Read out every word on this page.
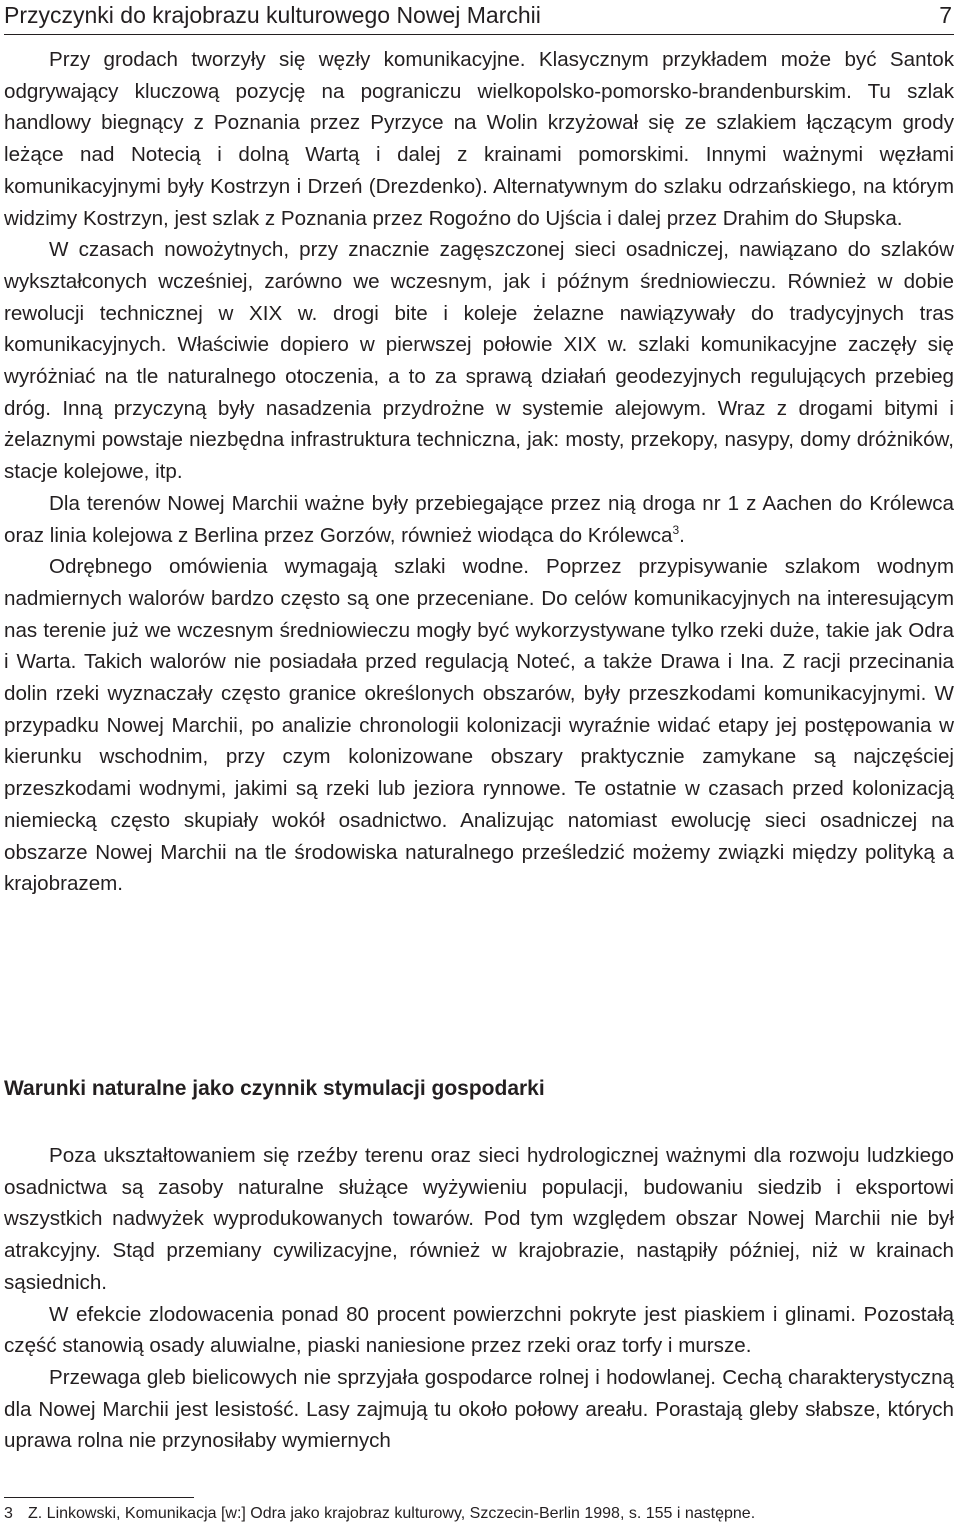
Przyczynki do krajobrazu kulturowego Nowej Marchii	7

Przy grodach tworzyły się węzły komunikacyjne. Klasycznym przykładem może być Santok odgrywający kluczową pozycję na pograniczu wielkopolsko-pomorsko-brandenburskim. Tu szlak handlowy biegnący z Poznania przez Pyrzyce na Wolin krzyżował się ze szlakiem łączącym grody leżące nad Notecią i dolną Wartą i dalej z krainami pomorskimi. Innymi ważnymi węzłami komunikacyjnymi były Kostrzyn i Drzeń (Drezdenko). Alternatywnym do szlaku odrzańskiego, na którym widzimy Kostrzyn, jest szlak z Poznania przez Rogoźno do Ujścia i dalej przez Drahim do Słupska.

W czasach nowożytnych, przy znacznie zagęszczonej sieci osadniczej, nawiązano do szlaków wykształconych wcześniej, zarówno we wczesnym, jak i późnym średniowieczu. Również w dobie rewolucji technicznej w XIX w. drogi bite i koleje żelazne nawiązywały do tradycyjnych tras komunikacyjnych. Właściwie dopiero w pierwszej połowie XIX w. szlaki komunikacyjne zaczęły się wyróżniać na tle naturalnego otoczenia, a to za sprawą działań geodezyjnych regulujących przebieg dróg. Inną przyczyną były nasadzenia przydrożne w systemie alejowym. Wraz z drogami bitymi i żelaznymi powstaje niezbędna infrastruktura techniczna, jak: mosty, przekopy, nasypy, domy dróżników, stacje kolejowe, itp.

Dla terenów Nowej Marchii ważne były przebiegające przez nią droga nr 1 z Aachen do Królewca oraz linia kolejowa z Berlina przez Gorzów, również wiodąca do Królewca$^3$.

Odrębnego omówienia wymagają szlaki wodne. Poprzez przypisywanie szlakom wodnym nadmiernych walorów bardzo często są one przeceniane. Do celów komunikacyjnych na interesującym nas terenie już we wczesnym średniowieczu mogły być wykorzystywane tylko rzeki duże, takie jak Odra i Warta. Takich walorów nie posiadała przed regulacją Noteć, a także Drawa i Ina. Z racji przecinania dolin rzeki wyznaczały często granice określonych obszarów, były przeszkodami komunikacyjnymi. W przypadku Nowej Marchii, po analizie chronologii kolonizacji wyraźnie widać etapy jej postępowania w kierunku wschodnim, przy czym kolonizowane obszary praktycznie zamykane są najczęściej przeszkodami wodnymi, jakimi są rzeki lub jeziora rynnowe. Te ostatnie w czasach przed kolonizacją niemiecką często skupiały wokół osadnictwo. Analizując natomiast ewolucję sieci osadniczej na obszarze Nowej Marchii na tle środowiska naturalnego prześledzić możemy związki między polityką a krajobrazem.

Warunki naturalne jako czynnik stymulacji gospodarki

Poza ukształtowaniem się rzeźby terenu oraz sieci hydrologicznej ważnymi dla rozwoju ludzkiego osadnictwa są zasoby naturalne służące wyżywieniu populacji, budowaniu siedzib i eksportowi wszystkich nadwyżek wyprodukowanych towarów. Pod tym względem obszar Nowej Marchii nie był atrakcyjny. Stąd przemiany cywilizacyjne, również w krajobrazie, nastąpiły później, niż w krainach sąsiednich.

W efekcie zlodowacenia ponad 80 procent powierzchni pokryte jest piaskiem i glinami. Pozostałą część stanowią osady aluwialne, piaski naniesione przez rzeki oraz torfy i mursze.

Przewaga gleb bielicowych nie sprzyjała gospodarce rolnej i hodowlanej. Cechą charakterystyczną dla Nowej Marchii jest lesistość. Lasy zajmują tu około połowy areału. Porastają gleby słabsze, których uprawa rolna nie przynosiłaby wymiernych

3 Z. Linkowski, Komunikacja [w:] Odra jako krajobraz kulturowy, Szczecin-Berlin 1998, s. 155 i następne.
